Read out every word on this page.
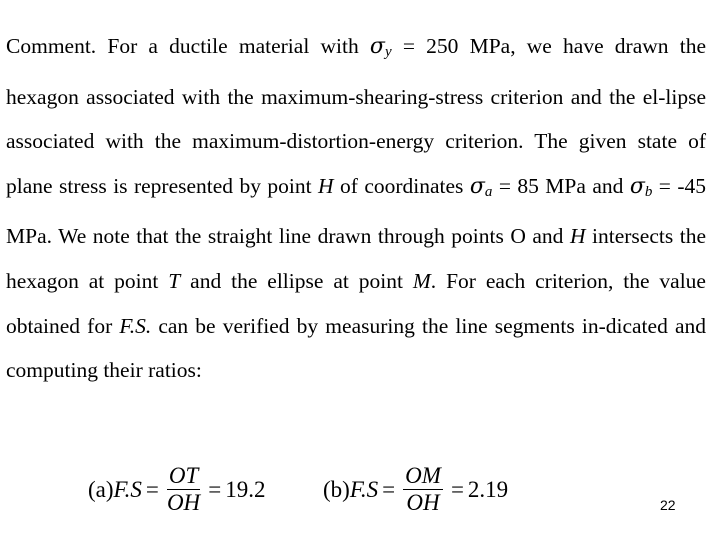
Comment. For a ductile material with $\sigma_y = 250$ MPa, we have drawn the hexagon associated with the maximum-shearing-stress criterion and the el-lipse associated with the maximum-distortion-energy criterion. The given state of plane stress is represented by point H of coordinates $\sigma_a = 85$ MPa and $\sigma_b = -45$ MPa. We note that the straight line drawn through points O and H intersects the hexagon at point T and the ellipse at point M. For each criterion, the value obtained for F.S. can be verified by measuring the line segments in-dicated and computing their ratios:
(a) $F.S = \frac{OT}{OH} = 19.2$	(b) $F.S = \frac{OM}{OH} = 2.19$
22
